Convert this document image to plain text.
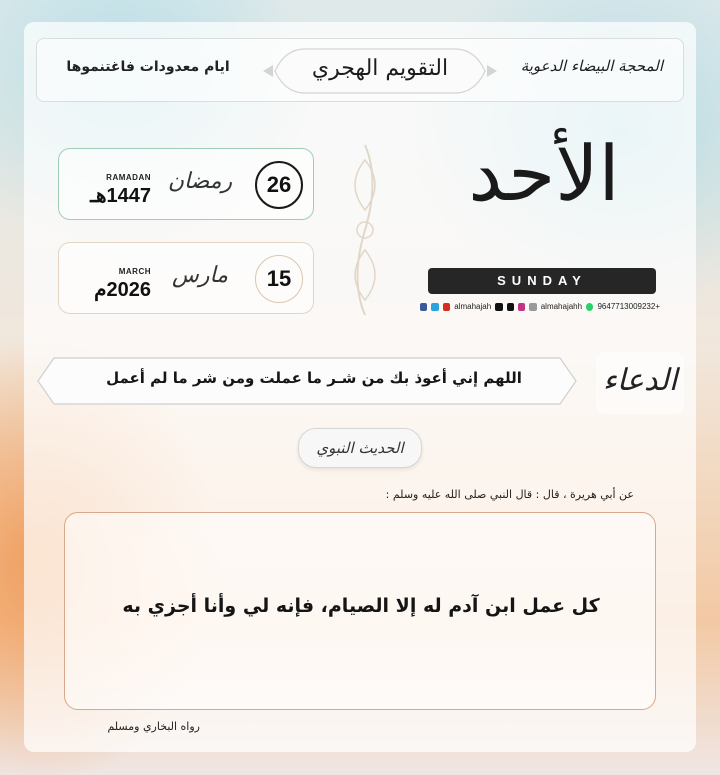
ايام معدودات فاغتنموها	التقويم الهجري	المحجة البيضاء الدعوية
1447هـ
RAMADAN رمضان	26
2026م
MARCH مارس	15
الأحد
SUNDAY
almahajah	almahajahh 9647713009232+
اللهم إني أعوذ بك من شـر ما عملت ومن شر ما لم أعمل	الدعاء
الحديث النبوي
عن أبي هريرة ، قال : قال النبي صلى الله عليه وسلم :
كل عمل ابن آدم له إلا الصيام، فإنه لي وأنا أجزي به
رواه البخاري ومسلم
